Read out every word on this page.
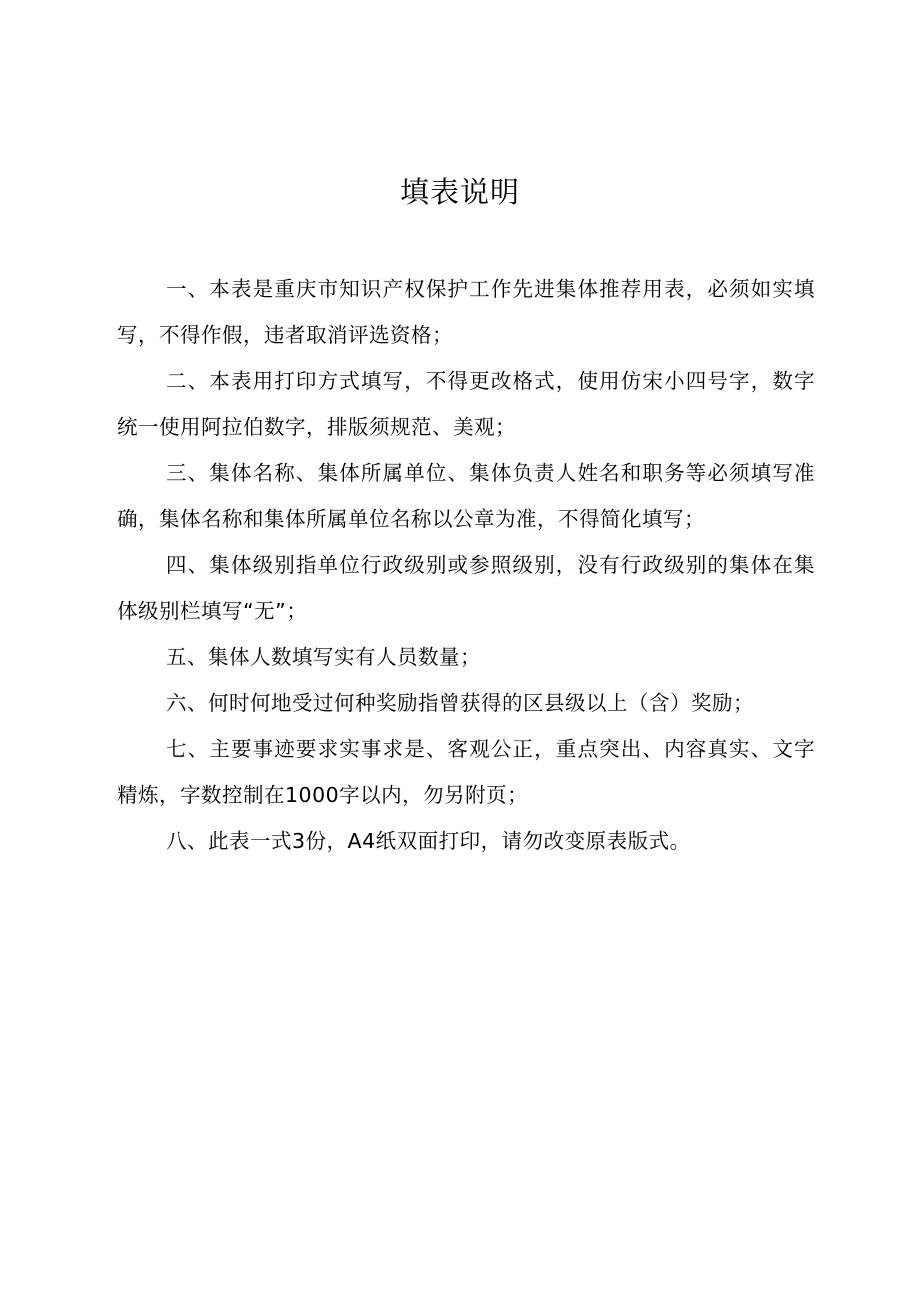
填表说明

一、本表是重庆市知识产权保护工作先进集体推荐用表，必须如实填写，不得作假，违者取消评选资格；

二、本表用打印方式填写，不得更改格式，使用仿宋小四号字，数字统一使用阿拉伯数字，排版须规范、美观；

三、集体名称、集体所属单位、集体负责人姓名和职务等必须填写准确，集体名称和集体所属单位名称以公章为准，不得简化填写；

四、集体级别指单位行政级别或参照级别，没有行政级别的集体在集体级别栏填写“无”；

五、集体人数填写实有人员数量；

六、何时何地受过何种奖励指曾获得的区县级以上（含）奖励；

七、主要事迹要求实事求是、客观公正，重点突出、内容真实、文字精炼，字数控制在1000字以内，勿另附页；

八、此表一式3份，A4纸双面打印，请勿改变原表版式。
